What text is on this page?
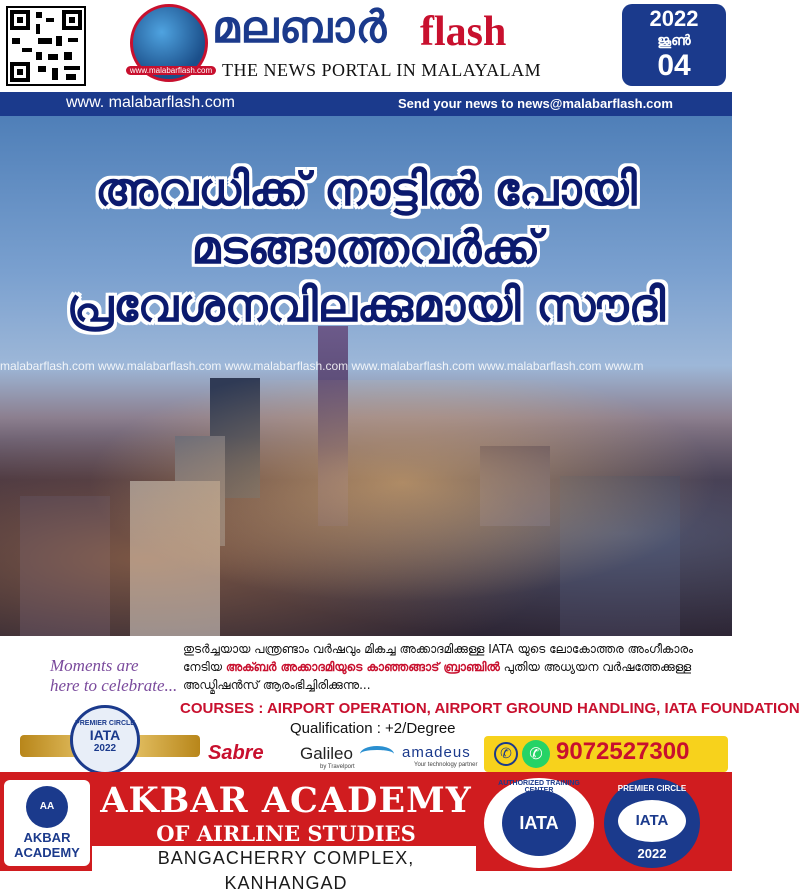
www.malabarflash.com
മലബാർ flash
THE NEWS PORTAL IN MALAYALAM
2022
ജൂൺ
04
www. malabarflash.com	Send your news to news@malabarflash.com
അവധിക്ക് നാട്ടിൽ പോയി
മടങ്ങാത്തവർക്ക്
പ്രവേശനവിലക്കുമായി സൗദി
malabarflash.com www.malabarflash.com www.malabarflash.com www.malabarflash.com www.malabarflash.com www.m
തുടർച്ചയായ പന്ത്രണ്ടാം വർഷവും മികച്ച അക്കാദമിക്കുള്ള IATA യുടെ ലോകോത്തര അംഗീകാരം നേടിയ അക്ബർ അക്കാദമിയുടെ കാഞ്ഞങ്ങാട് ബ്രാഞ്ചിൽ പുതിയ അധ്യയന വർഷത്തേക്കുള്ള അഡ്മിഷൻസ് ആരംഭിച്ചിരിക്കുന്നു...
COURSES : AIRPORT OPERATION, AIRPORT GROUND HANDLING, IATA FOUNDATION
Qualification : +2/Degree
Moments are
here to celebrate...
PREMIER CIRCLE
IATA
2022	Sabre Galileo
by Travelport
amadeus
Your technology partner
✆	✆ 9072527300
AA
AKBAR
ACADEMY
AKBAR ACADEMY
OF AIRLINE STUDIES
BANGACHERRY COMPLEX, KANHANGAD
IATA
AUTHORIZED TRAINING CENTER	PREMIER CIRCLE
IATA
2022
